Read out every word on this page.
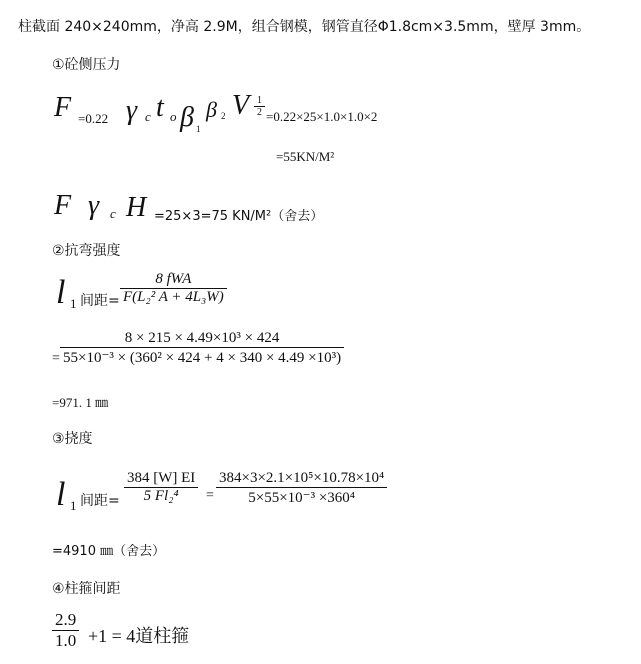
柱截面 240×240mm，净高 2.9M，组合钢模，钢管直径Φ1.8cm×3.5mm，壁厚 3mm。
①砼侧压力
F =0.22 γ c t o β 1
β 2 V 1
2 =0.22×25×1.0×1.0×2
=55KN/M²
F γ c H =25×3=75 KN/M²（舍去）
②抗弯强度
l 1 间距=
8 fWA
F(L₂² A + 4L₃W)
=
8 × 215 × 4.49×10³ × 424
55×10⁻³ × (360² × 424 + 4 × 340 × 4.49 ×10³)
=971. 1 ㎜
③挠度
l 1 间距=
384 [W] EI
5 Fl₂⁴ =
384×3×2.1×10⁵×10.78×10⁴
5×55×10⁻³ ×360⁴
=4910 ㎜（舍去）
④柱箍间距
2.9
1.0 +1 = 4道柱箍
